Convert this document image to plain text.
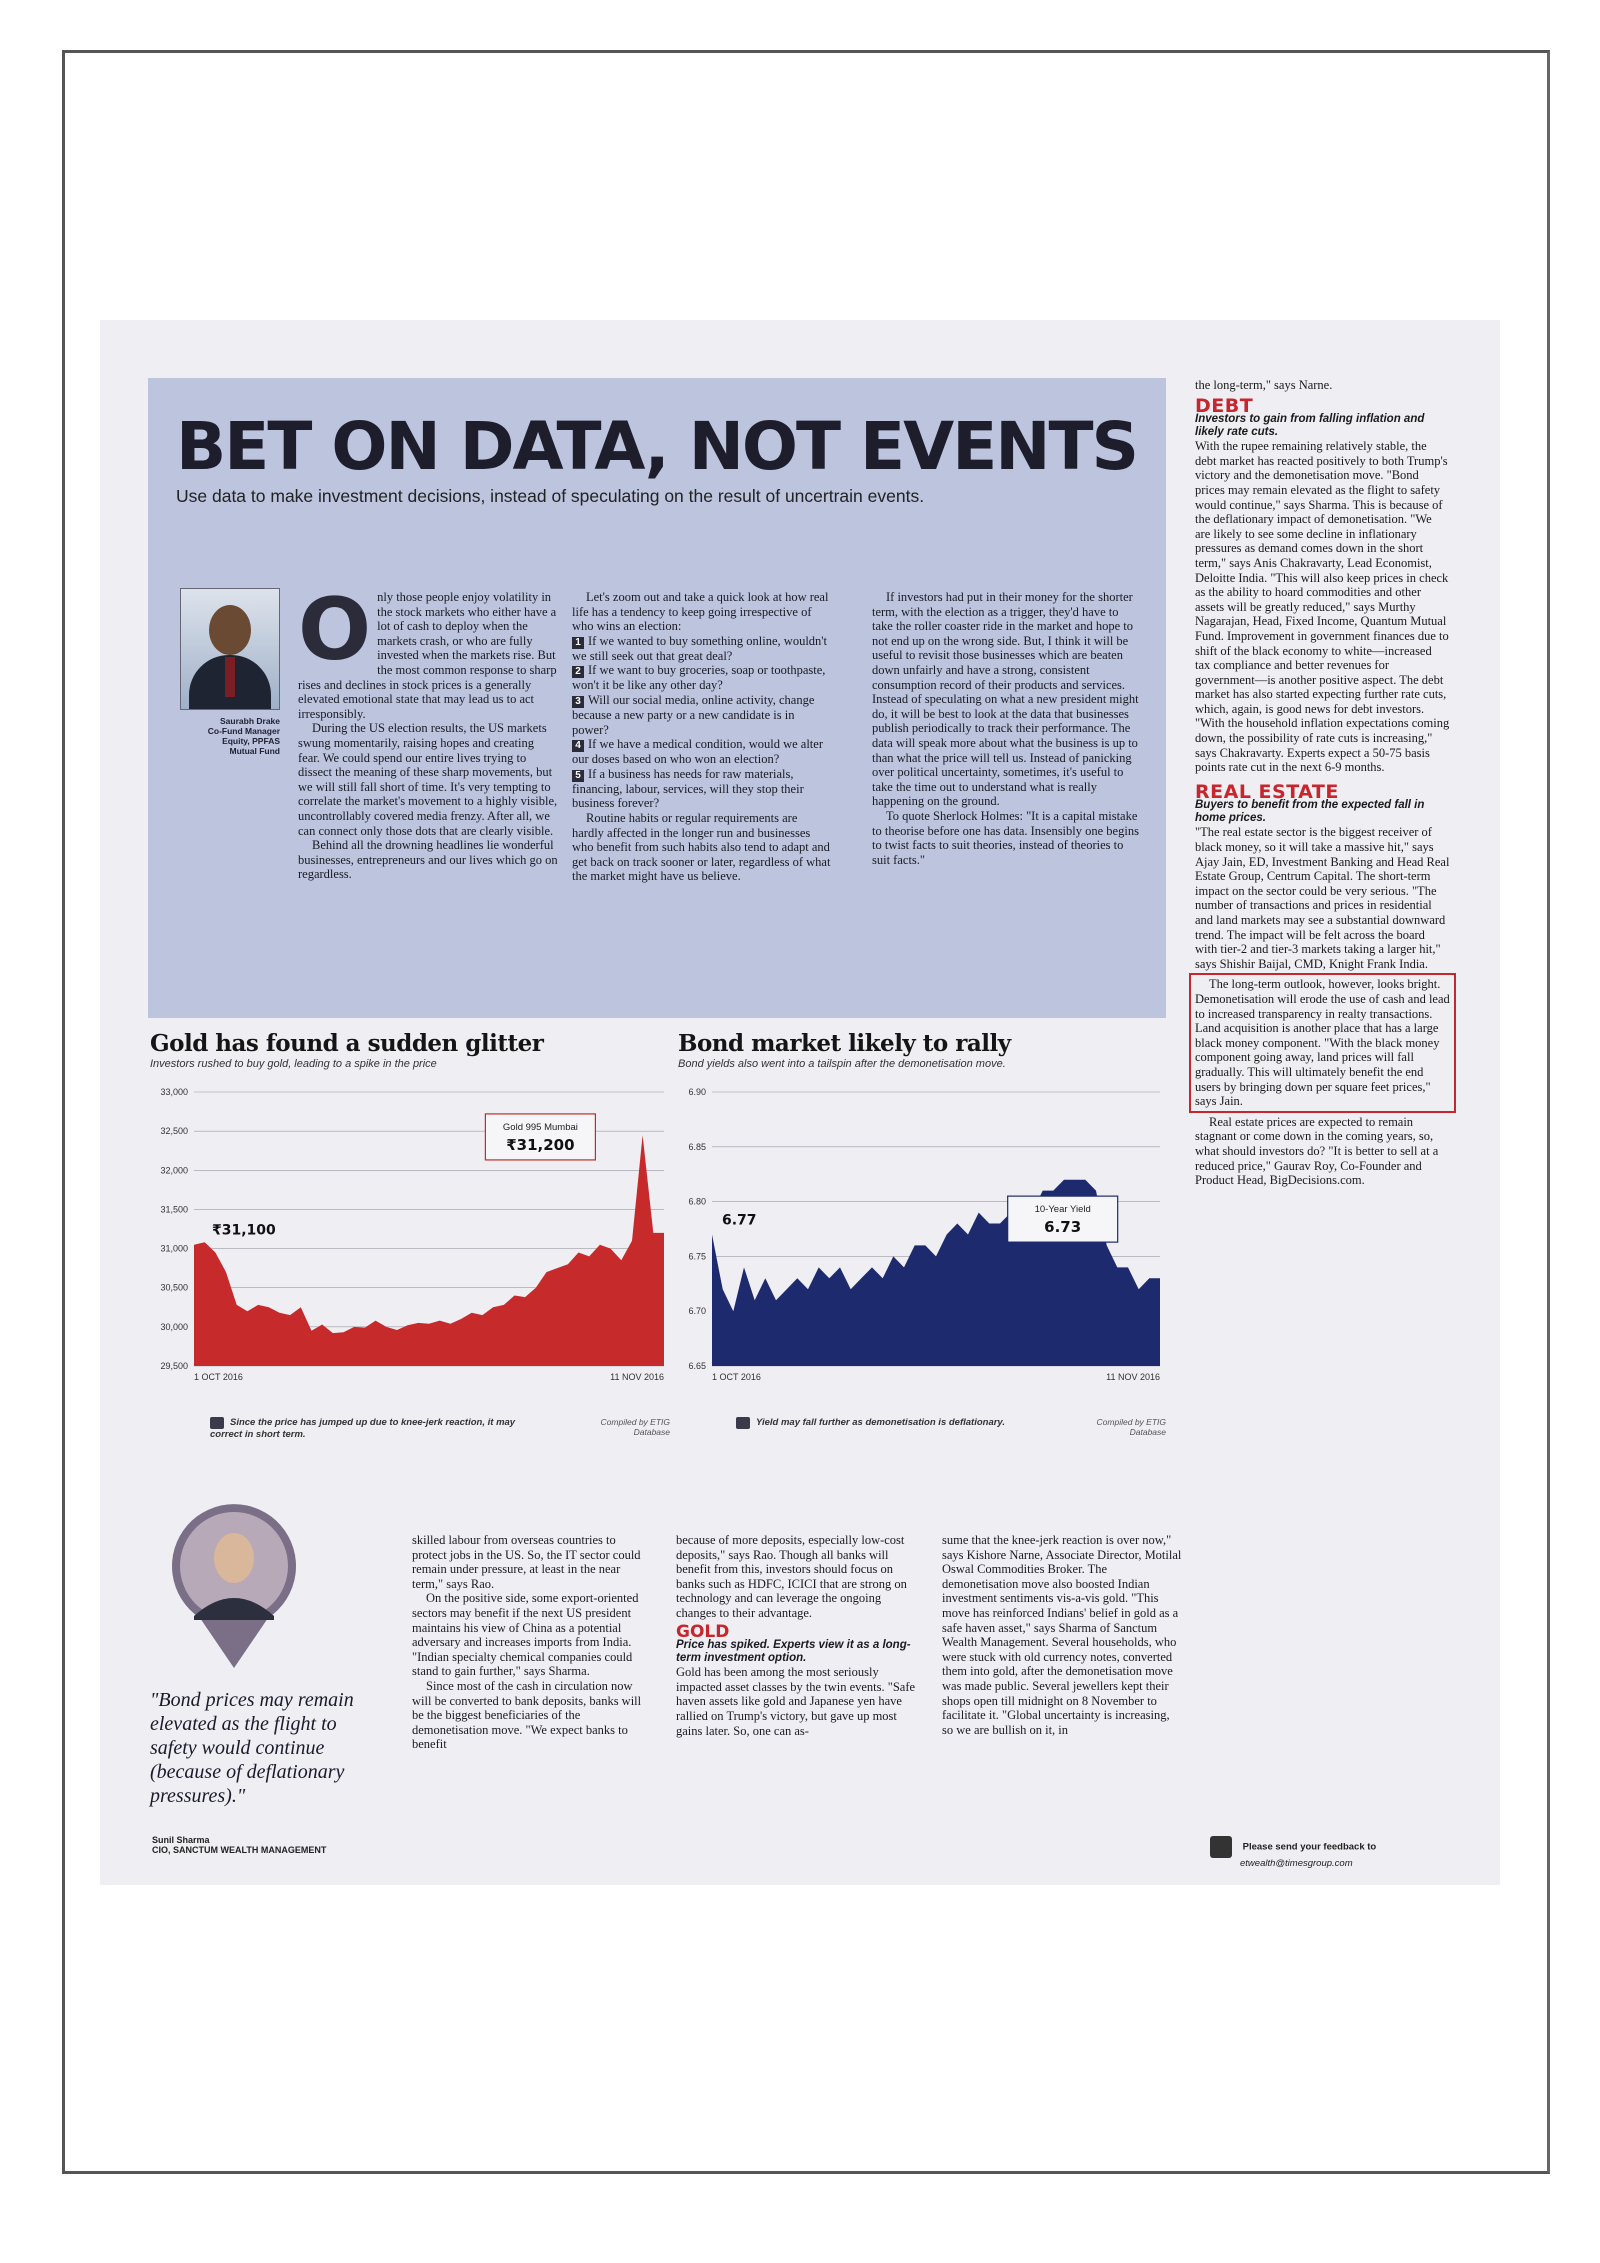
BET ON DATA, NOT EVENTS
Use data to make investment decisions, instead of speculating on the result of uncertrain events.
Saurabh Drake
Co-Fund Manager
Equity, PPFAS
Mutual Fund

Only those people enjoy volatility in the stock markets who either have a lot of cash to deploy when the markets crash, or who are fully invested when the markets rise. But the most common response to sharp rises and declines in stock prices is a generally elevated emotional state that may lead us to act irresponsibly.

During the US election results, the US markets swung momentarily, raising hopes and creating fear. We could spend our entire lives trying to dissect the meaning of these sharp movements, but we will still fall short of time. It's very tempting to correlate the market's movement to a highly visible, uncontrollably covered media frenzy. After all, we can connect only those dots that are clearly visible.

Behind all the drowning headlines lie wonderful businesses, entrepreneurs and our lives which go on regardless.

Let's zoom out and take a quick look at how real life has a tendency to keep going irrespective of who wins an election:

1 If we wanted to buy something online, wouldn't we still seek out that great deal?

2 If we want to buy groceries, soap or toothpaste, won't it be like any other day?

3 Will our social media, online activity, change because a new party or a new candidate is in power?

4 If we have a medical condition, would we alter our doses based on who won an election?

5 If a business has needs for raw materials, financing, labour, services, will they stop their business forever?

Routine habits or regular requirements are hardly affected in the longer run and businesses who benefit from such habits also tend to adapt and get back on track sooner or later, regardless of what the market might have us believe.

If investors had put in their money for the shorter term, with the election as a trigger, they'd have to take the roller coaster ride in the market and hope to not end up on the wrong side. But, I think it will be useful to revisit those businesses which are beaten down unfairly and have a strong, consistent consumption record of their products and services. Instead of speculating on what a new president might do, it will be best to look at the data that businesses publish periodically to track their performance. The data will speak more about what the business is up to than what the price will tell us. Instead of panicking over political uncertainty, sometimes, it's useful to take the time out to understand what is really happening on the ground.

To quote Sherlock Holmes: "It is a capital mistake to theorise before one has data. Insensibly one begins to twist facts to suit theories, instead of theories to suit facts."

Gold has found a sudden glitter
Investors rushed to buy gold, leading to a spike in the price
33,000
32,500
32,000
31,500
31,000
30,500
30,000
29,500
1 OCT 2016	11 NOV 2016
₹31,100
Gold 995 Mumbai
₹31,200
Since the price has jumped up due to knee-jerk reaction, it may correct in short term.
Compiled by ETIG
Database
Bond market likely to rally
Bond yields also went into a tailspin after the demonetisation move.
6.90
6.85
6.80
6.75
6.70
6.65
1 OCT 2016	11 NOV 2016
6.77
10-Year Yield
6.73
Yield may fall further as demonetisation is deflationary.	Compiled by ETIG
Database
the long-term," says Narne.
DEBT
Investors to gain from falling inflation and likely rate cuts.
With the rupee remaining relatively stable, the debt market has reacted positively to both Trump's victory and the demonetisation move. "Bond prices may remain elevated as the flight to safety would continue," says Sharma. This is because of the deflationary impact of demonetisation. "We are likely to see some decline in inflationary pressures as demand comes down in the short term," says Anis Chakravarty, Lead Economist, Deloitte India. "This will also keep prices in check as the ability to hoard commodities and other assets will be greatly reduced," says Murthy Nagarajan, Head, Fixed Income, Quantum Mutual Fund. Improvement in government finances due to shift of the black economy to white—increased tax compliance and better revenues for government—is another positive aspect. The debt market has also started expecting further rate cuts, which, again, is good news for debt investors. "With the household inflation expectations coming down, the possibility of rate cuts is increasing," says Chakravarty. Experts expect a 50-75 basis points rate cut in the next 6-9 months.
REAL ESTATE
Buyers to benefit from the expected fall in home prices.
"The real estate sector is the biggest receiver of black money, so it will take a massive hit," says Ajay Jain, ED, Investment Banking and Head Real Estate Group, Centrum Capital. The short-term impact on the sector could be very serious. "The number of transactions and prices in residential and land markets may see a substantial downward trend. The impact will be felt across the board with tier-2 and tier-3 markets taking a larger hit," says Shishir Baijal, CMD, Knight Frank India.
The long-term outlook, however, looks bright. Demonetisation will erode the use of cash and lead to increased transparency in realty transactions. Land acquisition is another place that has a large black money component. "With the black money component going away, land prices will fall gradually. This will ultimately benefit the end users by bringing down per square feet prices," says Jain.
Real estate prices are expected to remain stagnant or come down in the coming years, so, what should investors do? "It is better to sell at a reduced price," Gaurav Roy, Co-Founder and Product Head, BigDecisions.com.
"Bond prices may remain elevated as the flight to safety would continue (because of deflationary pressures)."
Sunil Sharma
CIO, SANCTUM WEALTH MANAGEMENT
skilled labour from overseas countries to protect jobs in the US. So, the IT sector could remain under pressure, at least in the near term," says Rao.
On the positive side, some export-oriented sectors may benefit if the next US president maintains his view of China as a potential adversary and increases imports from India. "Indian specialty chemical companies could stand to gain further," says Sharma.
Since most of the cash in circulation now will be converted to bank deposits, banks will be the biggest beneficiaries of the demonetisation move. "We expect banks to benefit
because of more deposits, especially low-cost deposits," says Rao. Though all banks will benefit from this, investors should focus on banks such as HDFC, ICICI that are strong on technology and can leverage the ongoing changes to their advantage.
GOLD
Price has spiked. Experts view it as a long-term investment option.
Gold has been among the most seriously impacted asset classes by the twin events. "Safe haven assets like gold and Japanese yen have rallied on Trump's victory, but gave up most gains later. So, one can as-
sume that the knee-jerk reaction is over now," says Kishore Narne, Associate Director, Motilal Oswal Commodities Broker. The demonetisation move also boosted Indian investment sentiments vis-a-vis gold. "This move has reinforced Indians' belief in gold as a safe haven asset," says Sharma of Sanctum Wealth Management. Several households, who were stuck with old currency notes, converted them into gold, after the demonetisation move was made public. Several jewellers kept their shops open till midnight on 8 November to facilitate it. "Global uncertainty is increasing, so we are bullish on it, in
Please send your feedback to
etwealth@timesgroup.com
